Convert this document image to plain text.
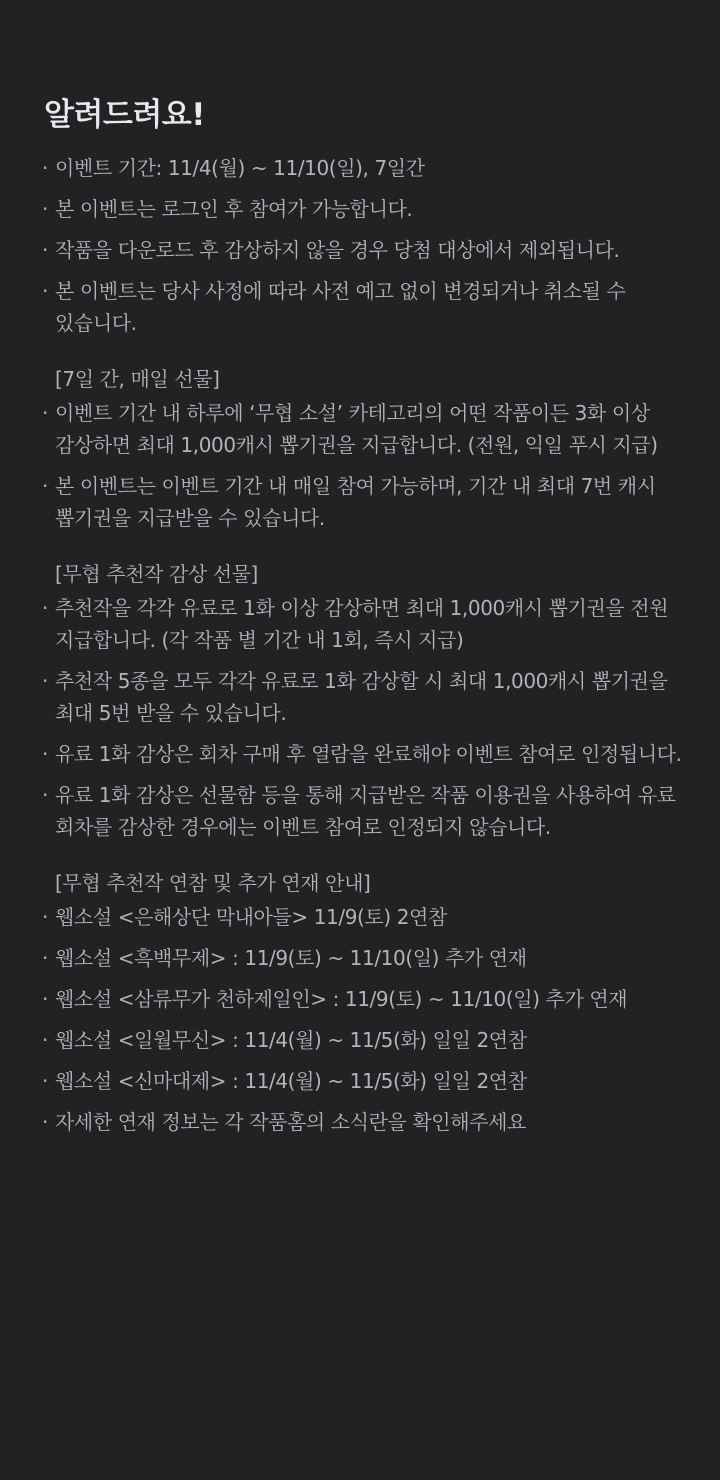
알려드려요!
· 이벤트 기간: 11/4(월) ~ 11/10(일), 7일간
· 본 이벤트는 로그인 후 참여가 가능합니다.
· 작품을 다운로드 후 감상하지 않을 경우 당첨 대상에서 제외됩니다.
· 본 이벤트는 당사 사정에 따라 사전 예고 없이 변경되거나 취소될 수 있습니다.
[7일 간, 매일 선물]
· 이벤트 기간 내 하루에 ‘무협 소설’ 카테고리의 어떤 작품이든 3화 이상 감상하면 최대 1,000캐시 뽑기권을 지급합니다. (전원, 익일 푸시 지급)
· 본 이벤트는 이벤트 기간 내 매일 참여 가능하며, 기간 내 최대 7번 캐시 뽑기권을 지급받을 수 있습니다.
[무협 추천작 감상 선물]
· 추천작을 각각 유료로 1화 이상 감상하면 최대 1,000캐시 뽑기권을 전원 지급합니다. (각 작품 별 기간 내 1회, 즉시 지급)
· 추천작 5종을 모두 각각 유료로 1화 감상할 시 최대 1,000캐시 뽑기권을 최대 5번 받을 수 있습니다.
· 유료 1화 감상은 회차 구매 후 열람을 완료해야 이벤트 참여로 인정됩니다.
· 유료 1화 감상은 선물함 등을 통해 지급받은 작품 이용권을 사용하여 유료 회차를 감상한 경우에는 이벤트 참여로 인정되지 않습니다.
[무협 추천작 연참 및 추가 연재 안내]
· 웹소설 <은해상단 막내아들> 11/9(토) 2연참
· 웹소설 <흑백무제> : 11/9(토) ~ 11/10(일) 추가 연재
· 웹소설 <삼류무가 천하제일인> : 11/9(토) ~ 11/10(일) 추가 연재
· 웹소설 <일월무신> : 11/4(월) ~ 11/5(화) 일일 2연참
· 웹소설 <신마대제> : 11/4(월) ~ 11/5(화) 일일 2연참
· 자세한 연재 정보는 각 작품홈의 소식란을 확인해주세요
